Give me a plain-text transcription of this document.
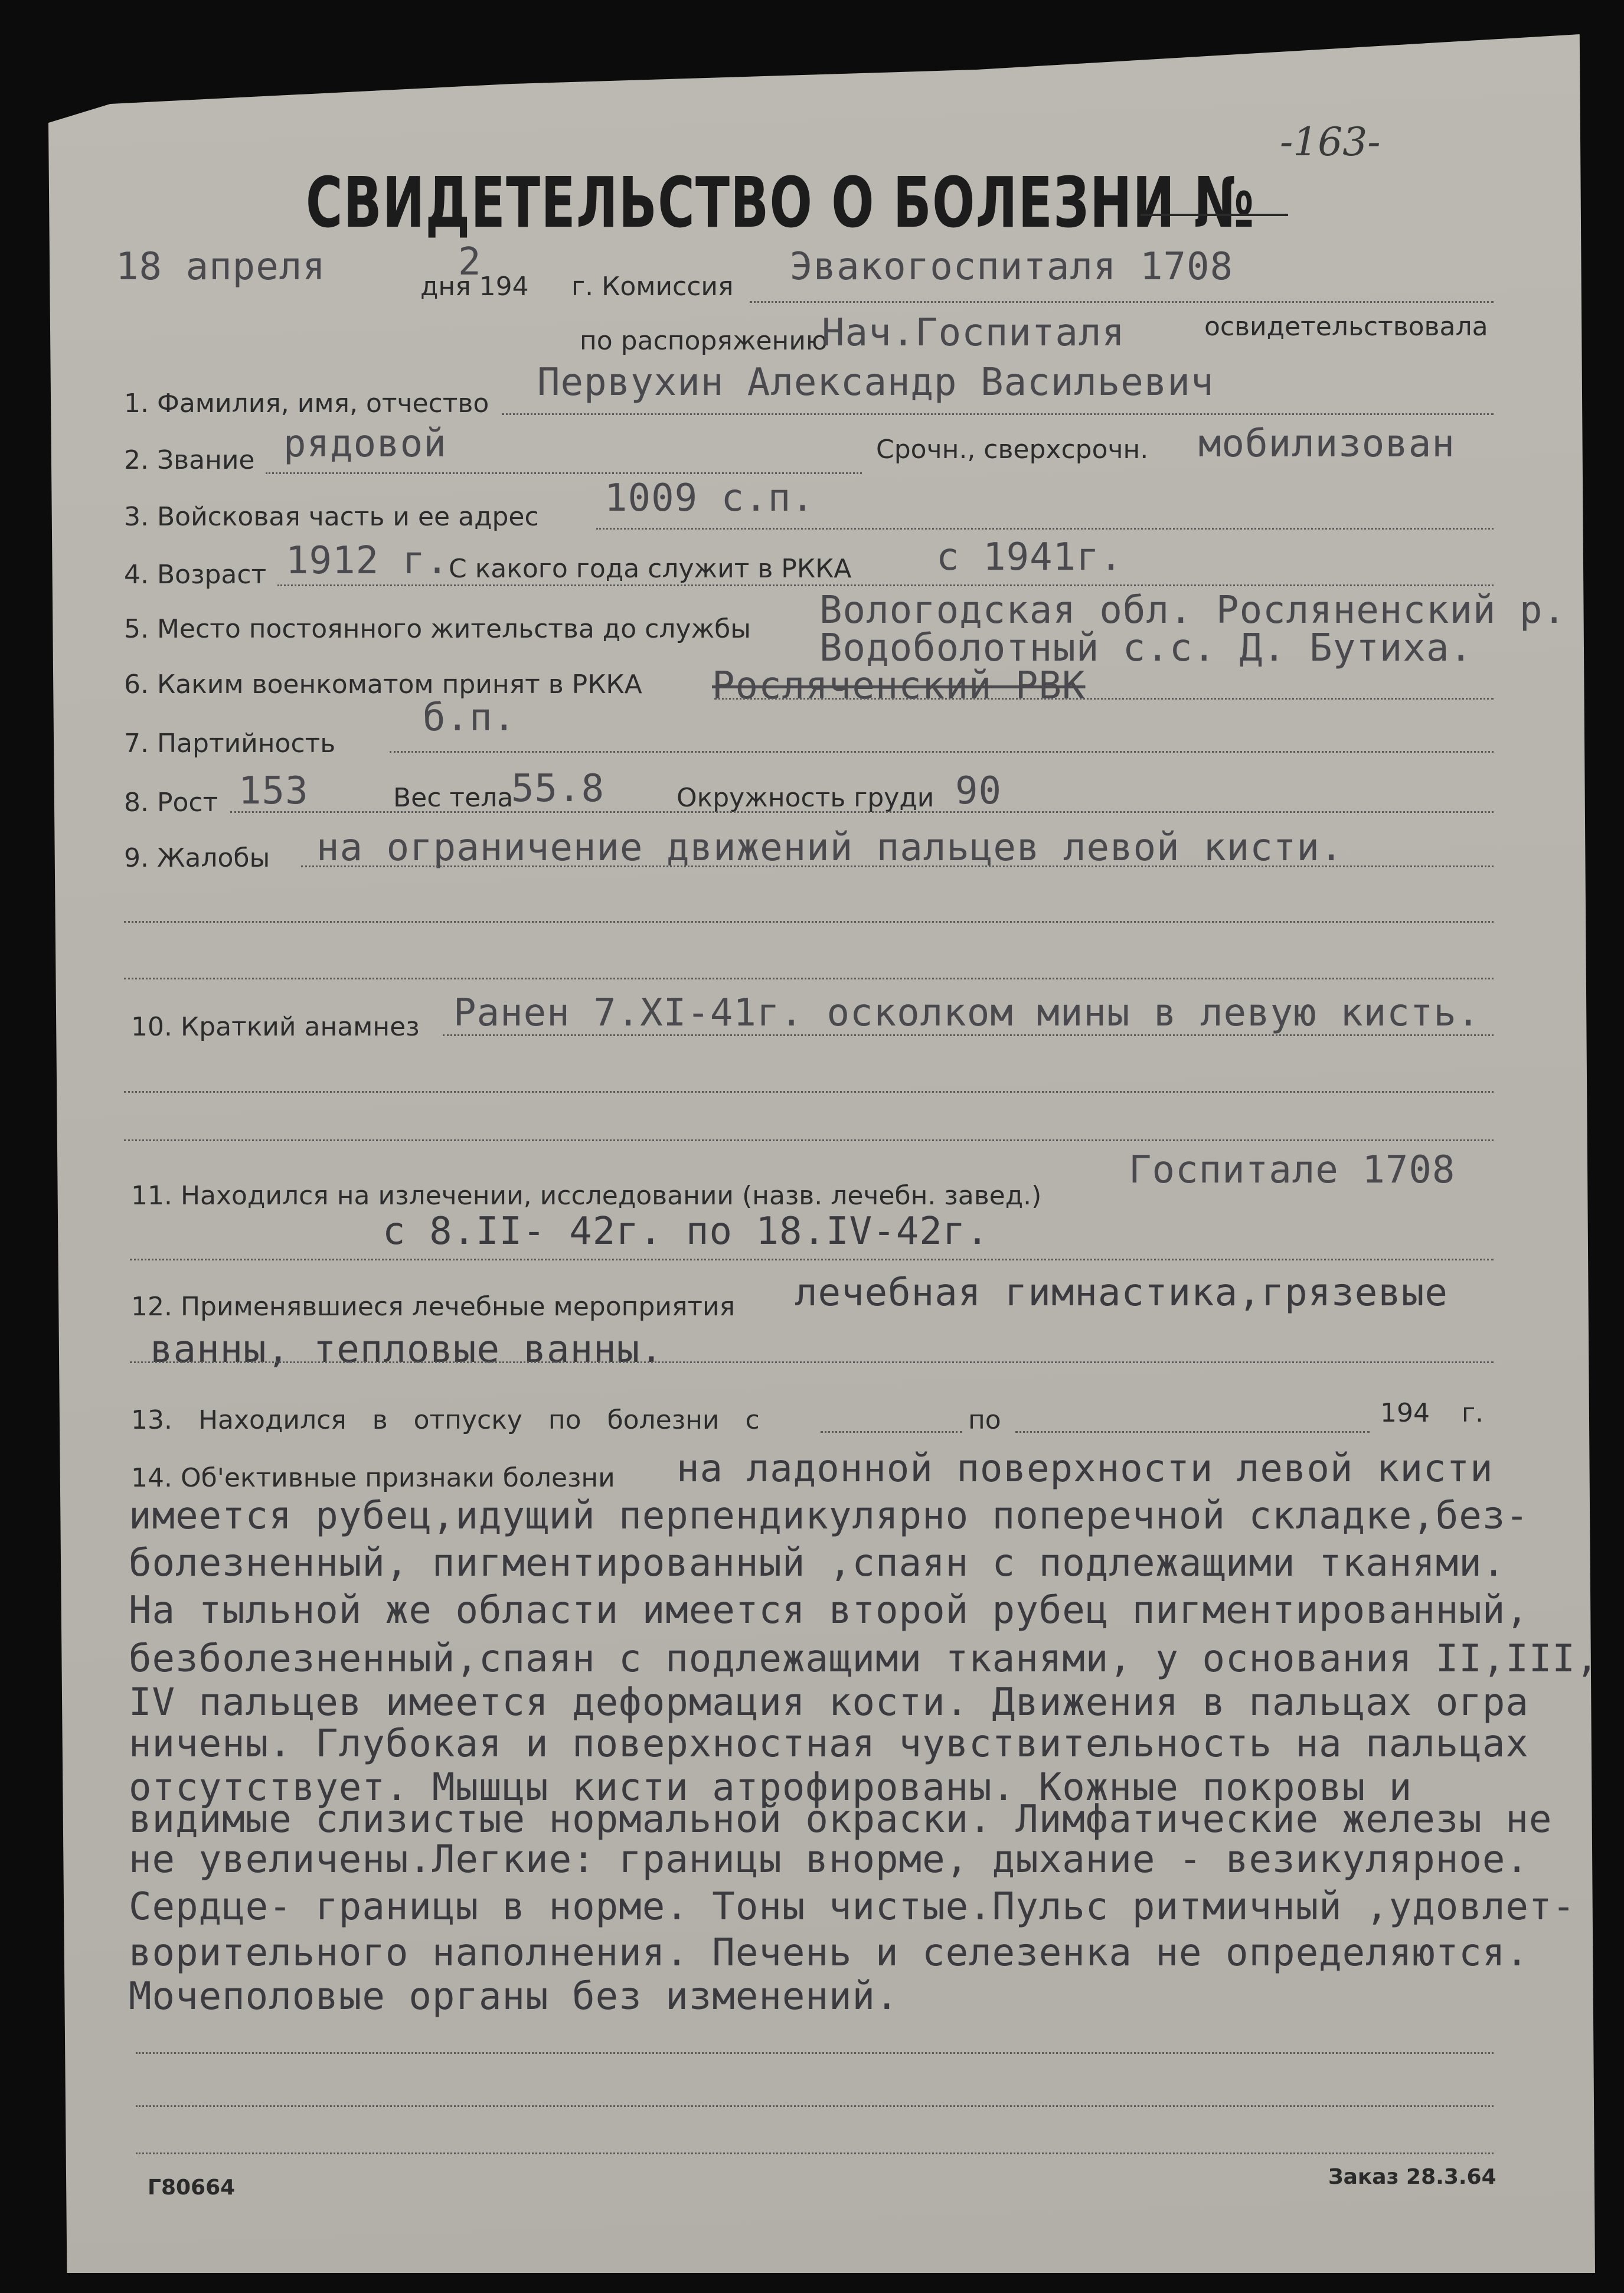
-163-
СВИДЕТЕЛЬСТВО О БОЛЕЗНИ №
18 апреля	дня 194
2
г. Комиссия Эвакогоспиталя 1708
по распоряжению
Нач.Госпиталя	освидетельствовала
1. Фамилия, имя, отчество Первухин Александр Васильевич
2. Звание рядовой	Срочн., сверхсрочн. мобилизован
3. Войсковая часть и ее адрес 1009 с.п.
4. Возраст 1912 г. С какого года служит в РККА с 1941г.
5. Место постоянного жительства до службы Вологодская обл. Росляненский р.
Водоболотный с.с. Д. Бутиха.
6. Каким военкоматом принят в РККА Росляченский РВК
7. Партийность
б.п.
8. Рост 153	Вес тела
55.8	Окружность груди 90
9. Жалобы на ограничение движений пальцев левой кисти.
10. Краткий анамнез Ранен 7.XI-41г. осколком мины в левую кисть.
11. Находился на излечении, исследовании (назв. лечебн. завед.)
Госпитале 1708
с 8.II- 42г. по 18.IV-42г.
12. Применявшиеся лечебные мероприятия лечебная гимнастика,грязевые
ванны, тепловые ванны.
13. Находился в отпуску по болезни с	по	194 г.
14. Об'ективные признаки болезни на ладонной поверхности левой кисти
имеется рубец,идущий перпендикулярно поперечной складке,без-
болезненный, пигментированный ,спаян с подлежащими тканями.
На тыльной же области имеется второй рубец пигментированный,
безболезненный,спаян с подлежащими тканями, у основания II,III,
IV пальцев имеется деформация кости. Движения в пальцах огра
ничены. Глубокая и поверхностная чувствительность на пальцах
отсутствует. Мышцы кисти атрофированы. Кожные покровы и
видимые слизистые нормальной окраски. Лимфатические железы не
не увеличены.Легкие: границы внорме, дыхание - везикулярное.
Сердце- границы в норме. Тоны чистые.Пульс ритмичный ,удовлет-
ворительного наполнения. Печень и селезенка не определяются.
Мочеполовые органы без изменений.
Г80664	Заказ 28.3.64
